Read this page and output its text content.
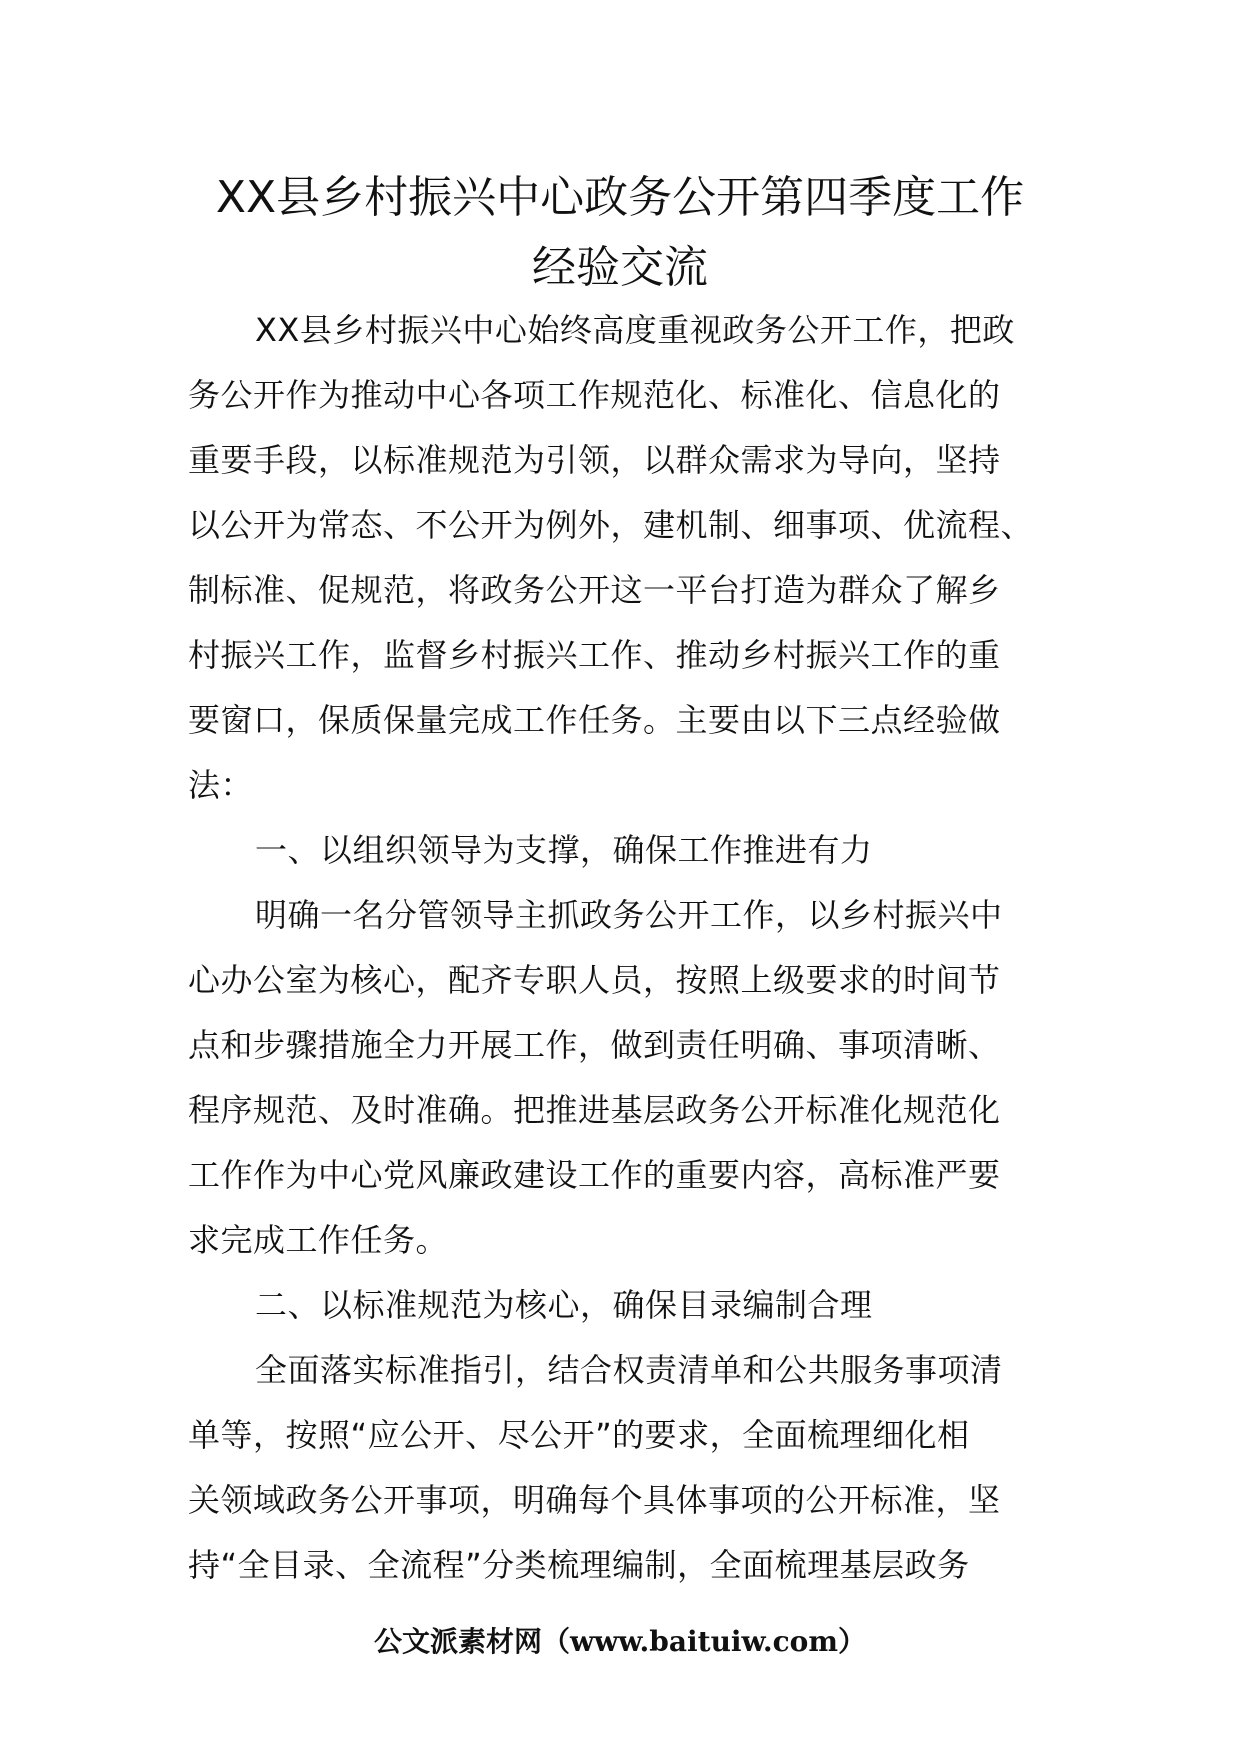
XX县乡村振兴中心政务公开第四季度工作
经验交流
XX县乡村振兴中心始终高度重视政务公开工作，把政
务公开作为推动中心各项工作规范化、标准化、信息化的
重要手段，以标准规范为引领，以群众需求为导向，坚持
以公开为常态、不公开为例外，建机制、细事项、优流程、
制标准、促规范，将政务公开这一平台打造为群众了解乡
村振兴工作，监督乡村振兴工作、推动乡村振兴工作的重
要窗口，保质保量完成工作任务。主要由以下三点经验做
法：
一、以组织领导为支撑，确保工作推进有力
明确一名分管领导主抓政务公开工作，以乡村振兴中
心办公室为核心，配齐专职人员，按照上级要求的时间节
点和步骤措施全力开展工作，做到责任明确、事项清晰、
程序规范、及时准确。把推进基层政务公开标准化规范化
工作作为中心党风廉政建设工作的重要内容，高标准严要
求完成工作任务。
二、以标准规范为核心，确保目录编制合理
全面落实标准指引，结合权责清单和公共服务事项清
单等，按照“应公开、尽公开”的要求，全面梳理细化相
关领域政务公开事项，明确每个具体事项的公开标准，坚
持“全目录、全流程”分类梳理编制，全面梳理基层政务
公文派素材网（www.baituiw.com）
